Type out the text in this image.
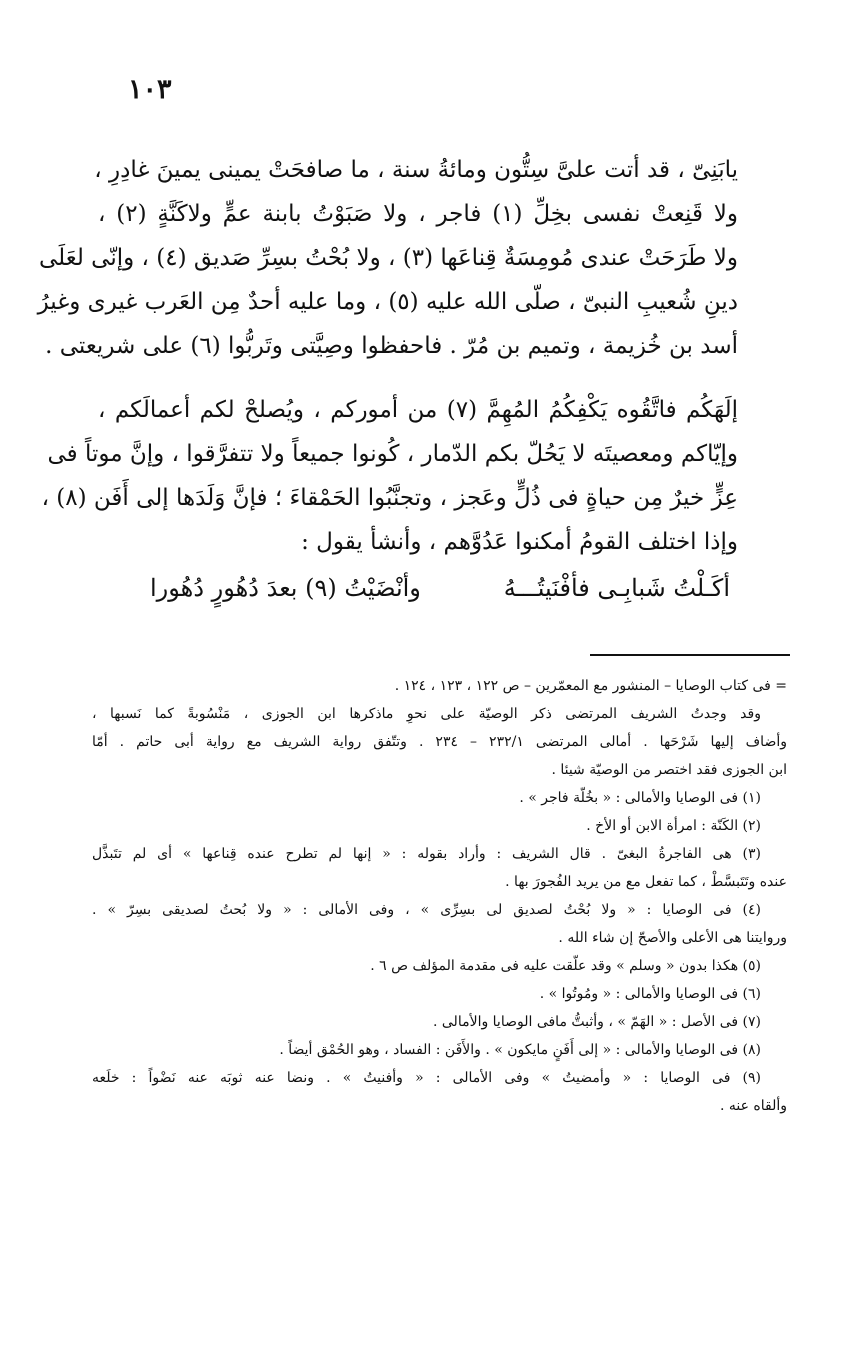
١٠٣
يابَنِىّ ، قد أتت علىَّ سِتُّون ومائةُ سنة ، ما صافحَتْ يمينى يمينَ غادِرِ ،
ولا قَنِعتْ نفسى بخِلِّ (١) فاجر ، ولا صَبَوْتُ بابنة عمٍّ ولاكَنَّةٍ (٢) ،
ولا طَرَحَتْ عندى مُومِسَةٌ قِناعَها (٣) ، ولا بُحْتُ بسِرِّ صَديق (٤) ، وإنّى لعَلَى
دينِ شُعيبِ النبىّ ، صلّى الله عليه (٥) ، وما عليه أحدٌ مِن العَرب غيرى وغيرُ
أسد بن خُزيمة ، وتميم بن مُرّ . فاحفظوا وصِيَّتى وتَربُّوا (٦) على شريعتى .
إلَهَكُم فاتَّقُوه يَكْفِكُمُ المُهِمَّ (٧) من أموركم ، ويُصلحْ لكم أعمالَكم ،
وإيّاكم ومعصيتَه لا يَحُلّ بكم الدّمار ، كُونوا جميعاً ولا تتفرَّقوا ، وإنَّ موتاً فى
عِزٍّ خيرٌ مِن حياةٍ فى ذُلٍّ وعَجز ، وتجنَّبُوا الحَمْقاءَ ؛ فإنَّ وَلَدَها إلى أَفَن (٨) ،
وإذا اختلف القومُ أمكنوا عَدُوَّهم ، وأنشأ يقول :
أكَـلْتُ شَبابِـى فأفْنَيتُـــهُ
وأنْضَيْتُ (٩) بعدَ دُهُورٍ دُهُورا
= فى كتاب الوصايا – المنشور مع المعمّرين – ص ١٢٢ ، ١٢٣ ، ١٢٤ .
وقد وجدتُ الشريف المرتضى ذكر الوصيّة على نحوِ ماذكرها ابن الجوزى ، مَنْسُوبةً كما نَسبها ،
وأضاف إليها شَرْحَها . أمالى المرتضى ٢٣٢/١ – ٢٣٤ . وتتّفق رواية الشريف مع رواية أبى حاتم . أمّا
ابن الجوزى فقد اختصر من الوصيّة شيئا .
(١) فى الوصايا والأمالى : « بخُلّة فاجر » .
(٢) الكَنّة : امرأة الابن أو الأخ .
(٣) هى الفاجرةُ البغىّ . قال الشريف : وأراد بقوله : « إنها لم تطرح عنده قِناعها » أى لم تتَبذَّل
عنده وتَتَبسَّطْ ، كما تفعل مع من يريد الفُجورَ بها .
(٤) فى الوصايا : « ولا بُحْتُ لصديق لى بسِرِّى » ، وفى الأمالى : « ولا بُحتُ لصديقى بسِرّ » .
وروايتنا هى الأعلى والأصحّ إن شاء الله .
(٥) هكذا بدون « وسلم » وقد علّقت عليه فى مقدمة المؤلف ص ٦ .
(٦) فى الوصايا والأمالى : « ومُوتُوا » .
(٧) فى الأصل : « الهَمّ » ، وأثبتُّ مافى الوصايا والأمالى .
(٨) فى الوصايا والأمالى : « إلى أَفَنٍ مايكون » . والأَفَن : الفساد ، وهو الحُمْق أيضاً .
(٩) فى الوصايا : « وأمضيتُ » وفى الأمالى : « وأفنيتُ » . ونضا عنه ثوبَه عنه نَضْواً : خلَعه
وألقاه عنه .
